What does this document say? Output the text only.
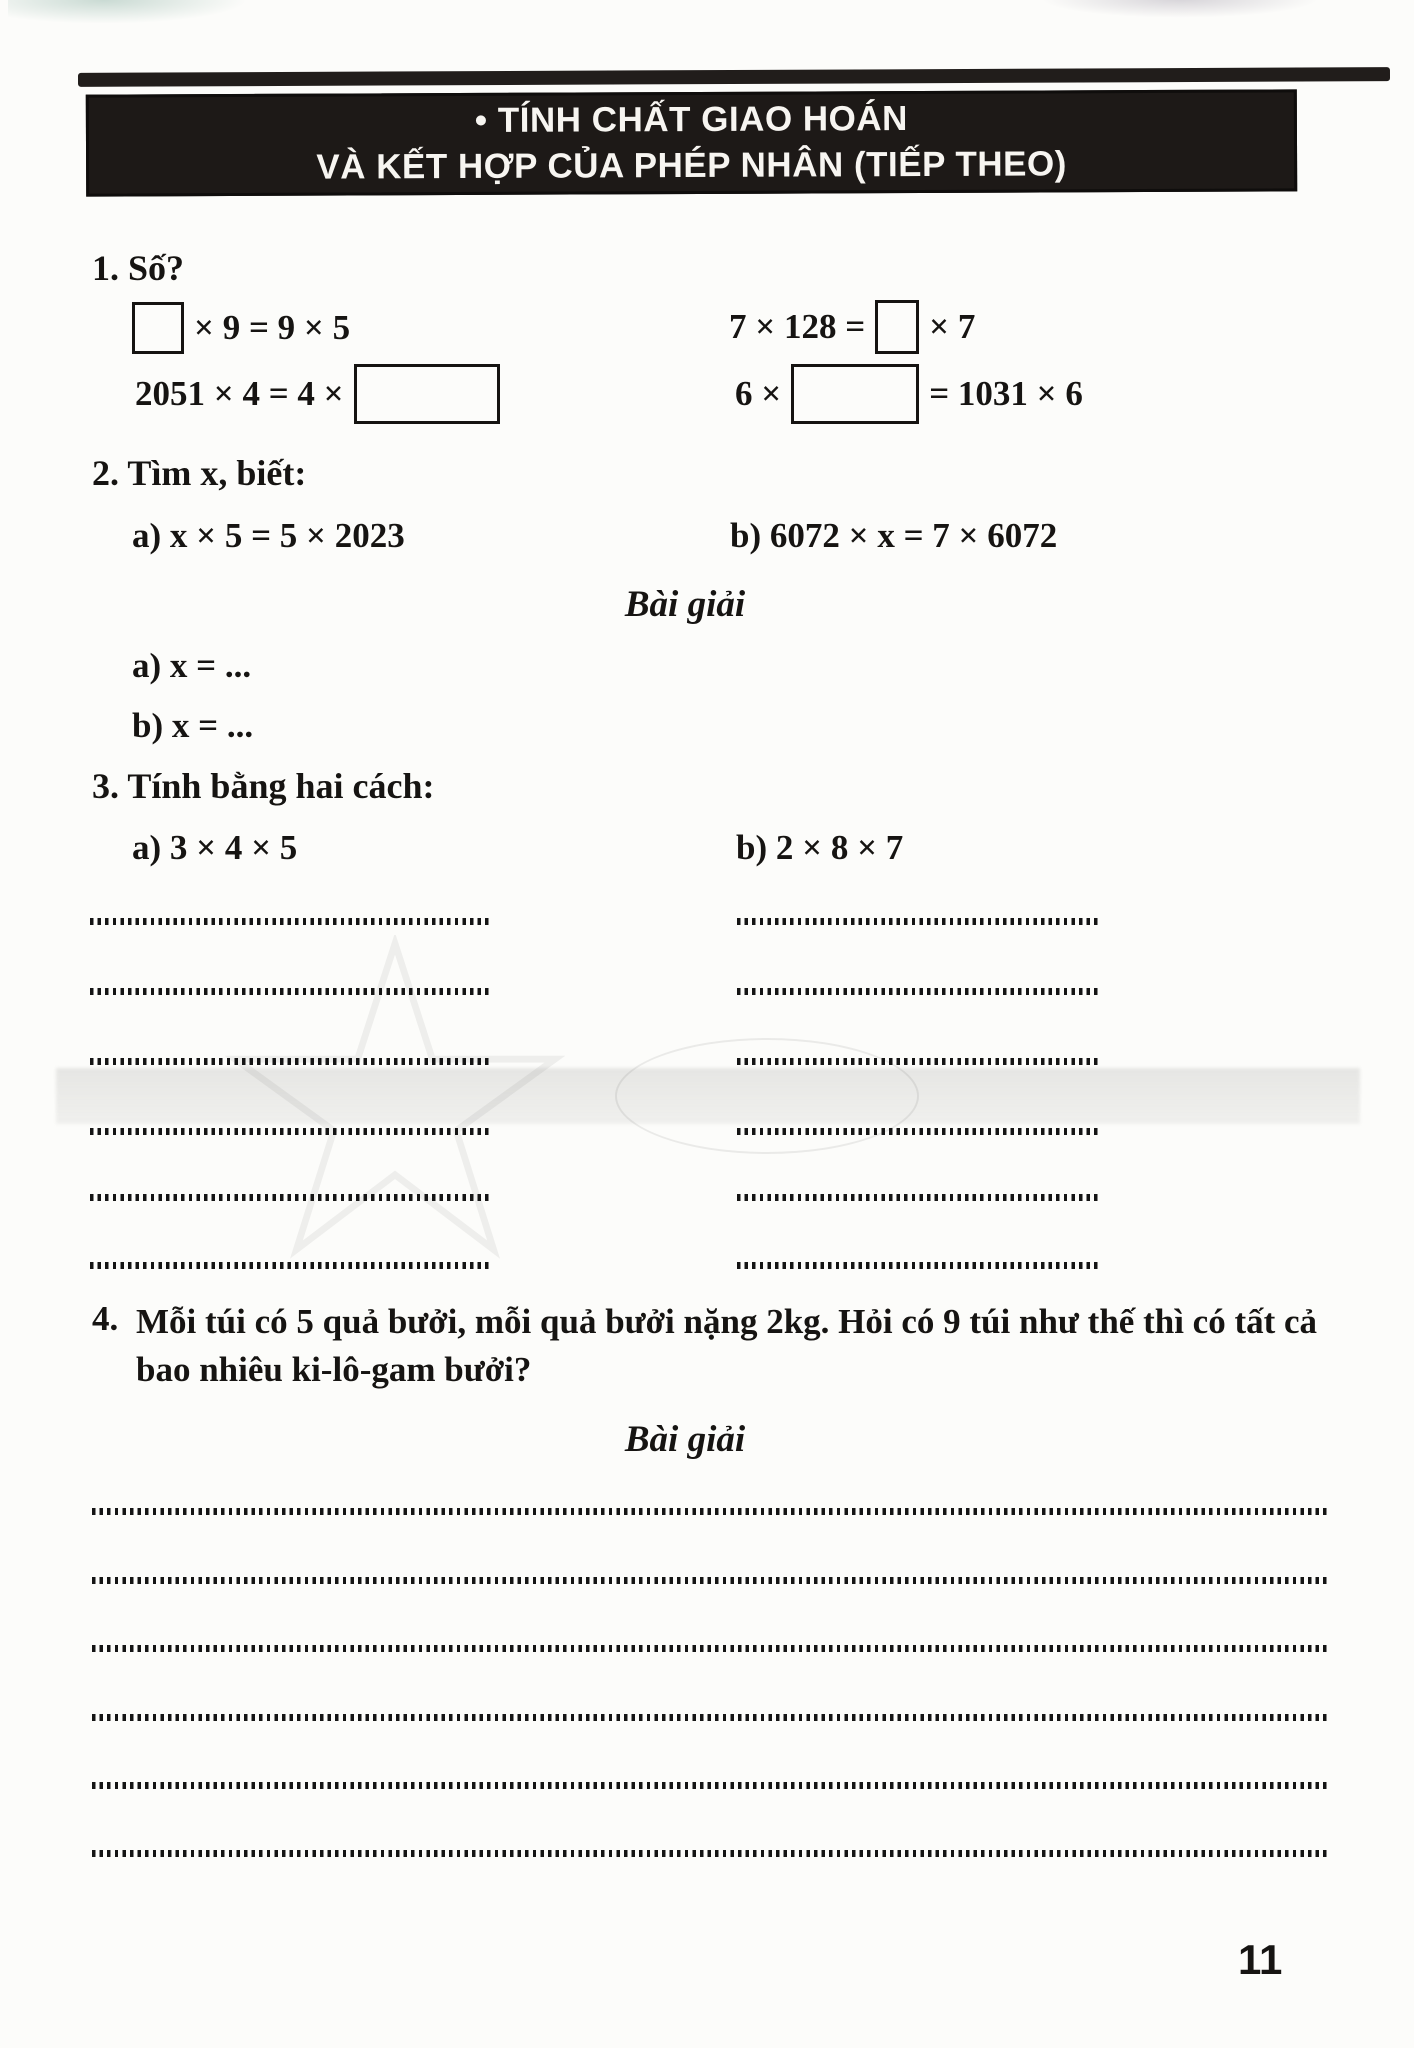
• TÍNH CHẤT GIAO HOÁN
VÀ KẾT HỢP CỦA PHÉP NHÂN (TIẾP THEO)
1. Số?
× 9 = 9 × 5	7 × 128 = × 7
2051 × 4 = 4 ×	6 ×	= 1031 × 6
2. Tìm x, biết:
a) x × 5 = 5 × 2023	b) 6072 × x = 7 × 6072
Bài giải
a) x = ...
b) x = ...
3. Tính bằng hai cách:
a) 3 × 4 × 5	b) 2 × 8 × 7
4. Mỗi túi có 5 quả bưởi, mỗi quả bưởi nặng 2kg. Hỏi có 9 túi như thế thì có tất cả bao nhiêu ki-lô-gam bưởi?
Bài giải
11
